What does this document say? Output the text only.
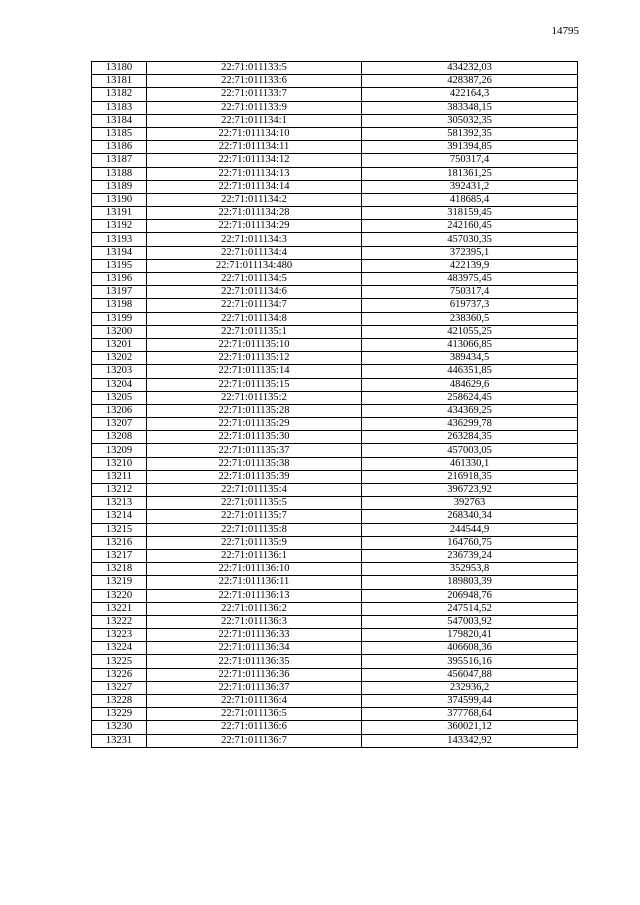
14795
13180	22:71:011133:5	434232,03
13181	22:71:011133:6	428387,26
13182	22:71:011133:7	422164,3
13183	22:71:011133:9	383348,15
13184	22:71:011134:1	305032,35
13185	22:71:011134:10	581392,35
13186	22:71:011134:11	391394,85
13187	22:71:011134:12	750317,4
13188	22:71:011134:13	181361,25
13189	22:71:011134:14	392431,2
13190	22:71:011134:2	418685,4
13191	22:71:011134:28	318159,45
13192	22:71:011134:29	242160,45
13193	22:71:011134:3	457030,35
13194	22:71:011134:4	372395,1
13195	22:71:011134:480	422139,9
13196	22:71:011134:5	483975,45
13197	22:71:011134:6	750317,4
13198	22:71:011134:7	619737,3
13199	22:71:011134:8	238360,5
13200	22:71:011135:1	421055,25
13201	22:71:011135:10	413066,85
13202	22:71:011135:12	389434,5
13203	22:71:011135:14	446351,85
13204	22:71:011135:15	484629,6
13205	22:71:011135:2	258624,45
13206	22:71:011135:28	434369,25
13207	22:71:011135:29	436299,78
13208	22:71:011135:30	263284,35
13209	22:71:011135:37	457003,05
13210	22:71:011135:38	461330,1
13211	22:71:011135:39	216918,35
13212	22:71:011135:4	396723,92
13213	22:71:011135:5	392763
13214	22:71:011135:7	268340,34
13215	22:71:011135:8	244544,9
13216	22:71:011135:9	164760,75
13217	22:71:011136:1	236739,24
13218	22:71:011136:10	352953,8
13219	22:71:011136:11	189803,39
13220	22:71:011136:13	206948,76
13221	22:71:011136:2	247514,52
13222	22:71:011136:3	547003,92
13223	22:71:011136:33	179820,41
13224	22:71:011136:34	406608,36
13225	22:71:011136:35	395516,16
13226	22:71:011136:36	456047,88
13227	22:71:011136:37	232936,2
13228	22:71:011136:4	374599,44
13229	22:71:011136:5	377768,64
13230	22:71:011136:6	360021,12
13231	22:71:011136:7	143342,92
